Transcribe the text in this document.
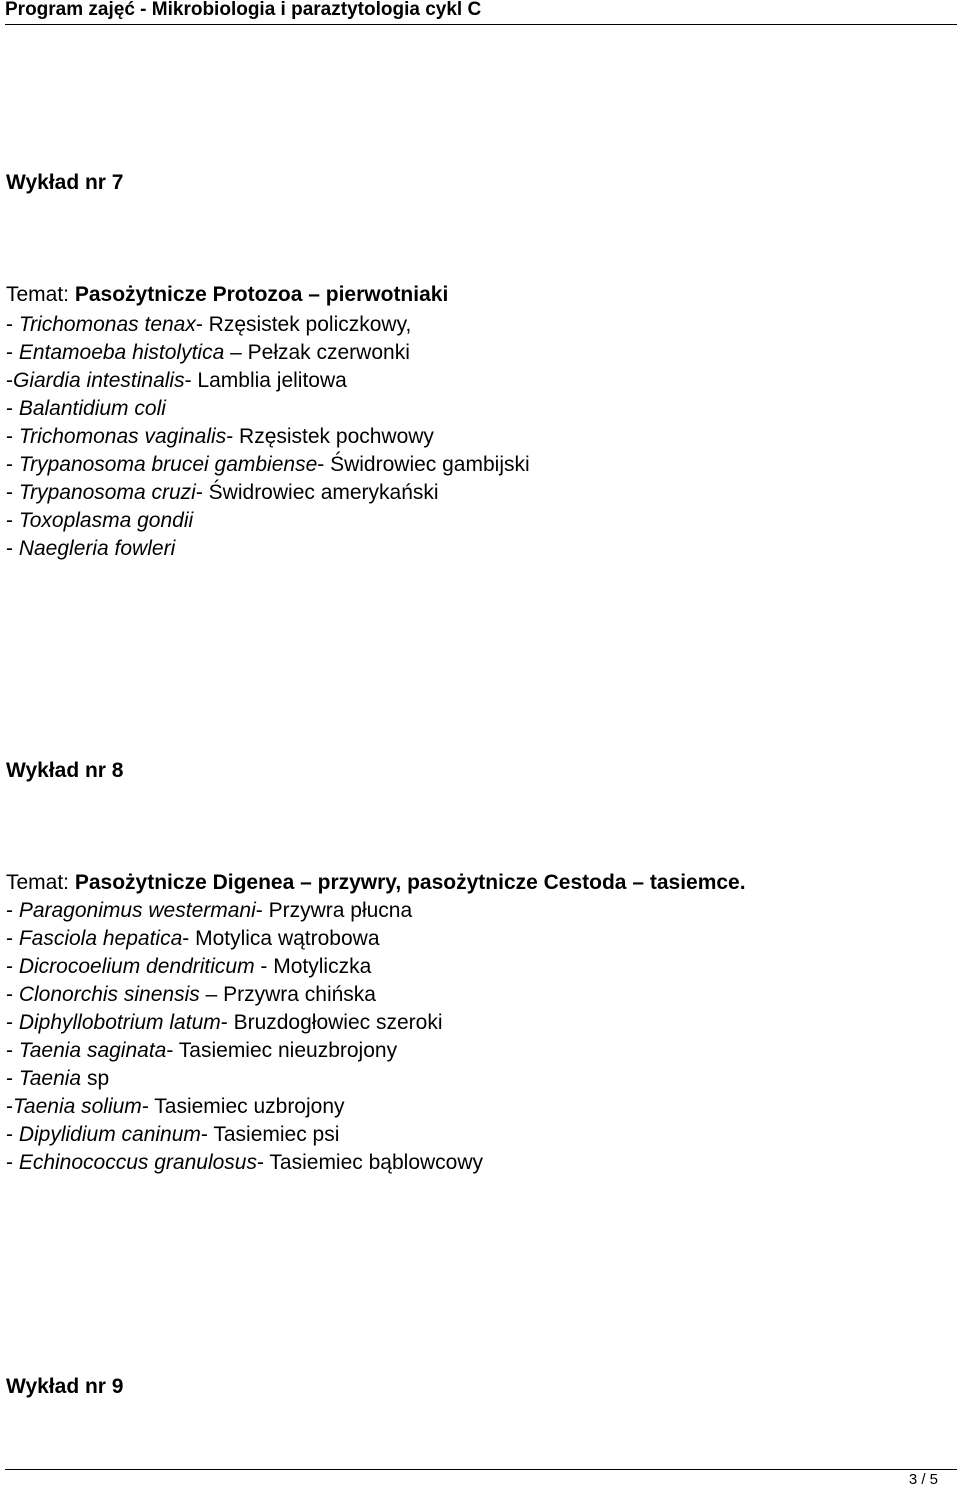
Program zajęć - Mikrobiologia i paraztytologia cykl C
Wykład nr 7
Temat: Pasożytnicze Protozoa – pierwotniaki
- Trichomonas tenax- Rzęsistek policzkowy,
- Entamoeba histolytica – Pełzak czerwonki
-Giardia intestinalis- Lamblia jelitowa
- Balantidium coli
- Trichomonas vaginalis- Rzęsistek pochwowy
- Trypanosoma brucei gambiense- Świdrowiec gambijski
- Trypanosoma cruzi- Świdrowiec amerykański
- Toxoplasma gondii
- Naegleria fowleri
Wykład nr 8
Temat: Pasożytnicze Digenea – przywry, pasożytnicze Cestoda – tasiemce.
- Paragonimus westermani- Przywra płucna
- Fasciola hepatica- Motylica wątrobowa
- Dicrocoelium dendriticum - Motyliczka
- Clonorchis sinensis – Przywra chińska
- Diphyllobotrium latum- Bruzdogłowiec szeroki
- Taenia saginata- Tasiemiec nieuzbrojony
- Taenia sp
-Taenia solium- Tasiemiec uzbrojony
- Dipylidium caninum- Tasiemiec psi
- Echinococcus granulosus- Tasiemiec bąblowcowy
Wykład nr 9
3 / 5
